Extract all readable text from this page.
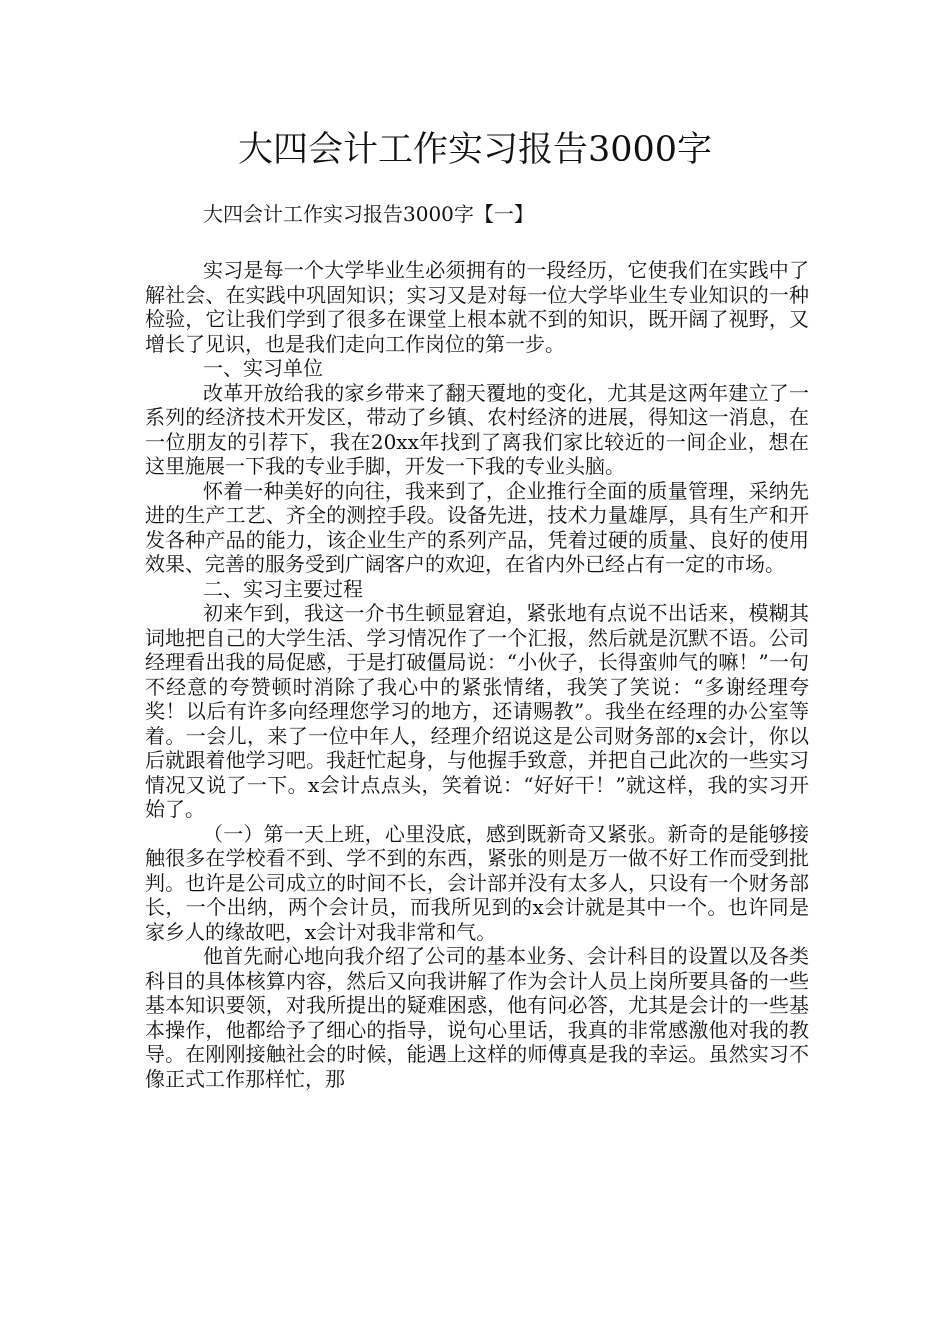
大四会计工作实习报告3000字
大四会计工作实习报告3000字【一】

实习是每一个大学毕业生必须拥有的一段经历，它使我们在实践中了解社会、在实践中巩固知识；实习又是对每一位大学毕业生专业知识的一种检验，它让我们学到了很多在课堂上根本就不到的知识，既开阔了视野，又增长了见识，也是我们走向工作岗位的第一步。

一、实习单位

改革开放给我的家乡带来了翻天覆地的变化，尤其是这两年建立了一系列的经济技术开发区，带动了乡镇、农村经济的进展，得知这一消息，在一位朋友的引荐下，我在20xx年找到了离我们家比较近的一间企业，想在这里施展一下我的专业手脚，开发一下我的专业头脑。

怀着一种美好的向往，我来到了，企业推行全面的质量管理，采纳先进的生产工艺、齐全的测控手段。设备先进，技术力量雄厚，具有生产和开发各种产品的能力，该企业生产的系列产品，凭着过硬的质量、良好的使用效果、完善的服务受到广阔客户的欢迎，在省内外已经占有一定的市场。

二、实习主要过程

初来乍到，我这一介书生顿显窘迫，紧张地有点说不出话来，模糊其词地把自己的大学生活、学习情况作了一个汇报，然后就是沉默不语。公司经理看出我的局促感，于是打破僵局说：“小伙子，长得蛮帅气的嘛！”一句不经意的夸赞顿时消除了我心中的紧张情绪，我笑了笑说：“多谢经理夸奖！以后有许多向经理您学习的地方，还请赐教”。我坐在经理的办公室等着。一会儿，来了一位中年人，经理介绍说这是公司财务部的x会计，你以后就跟着他学习吧。我赶忙起身，与他握手致意，并把自己此次的一些实习情况又说了一下。x会计点点头，笑着说：“好好干！”就这样，我的实习开始了。

（一）第一天上班，心里没底，感到既新奇又紧张。新奇的是能够接触很多在学校看不到、学不到的东西，紧张的则是万一做不好工作而受到批判。也许是公司成立的时间不长，会计部并没有太多人，只设有一个财务部长，一个出纳，两个会计员，而我所见到的x会计就是其中一个。也许同是家乡人的缘故吧，x会计对我非常和气。

他首先耐心地向我介绍了公司的基本业务、会计科目的设置以及各类科目的具体核算内容，然后又向我讲解了作为会计人员上岗所要具备的一些基本知识要领，对我所提出的疑难困惑，他有问必答，尤其是会计的一些基本操作，他都给予了细心的指导，说句心里话，我真的非常感激他对我的教导。在刚刚接触社会的时候，能遇上这样的师傅真是我的幸运。虽然实习不像正式工作那样忙，那
